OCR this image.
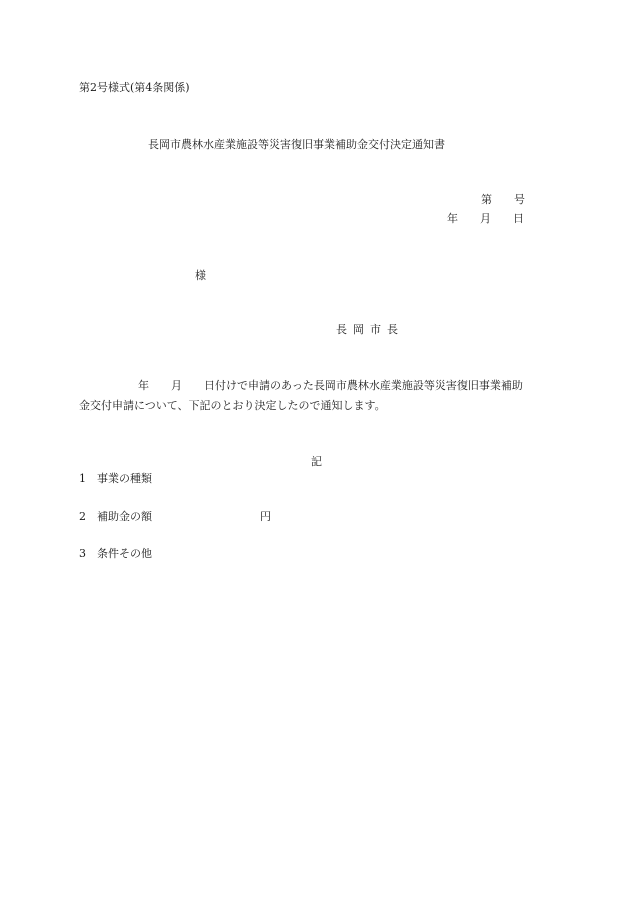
第2号様式(第4条関係)
長岡市農林水産業施設等災害復旧事業補助金交付決定通知書
第 号
年 月 日
様
長岡市長
年 月 日付けで申請のあった長岡市農林水産業施設等災害復旧事業補助
金交付申請について、下記のとおり決定したので通知します。
記
1 事業の種類
2 補助金の額	円
3 条件その他
